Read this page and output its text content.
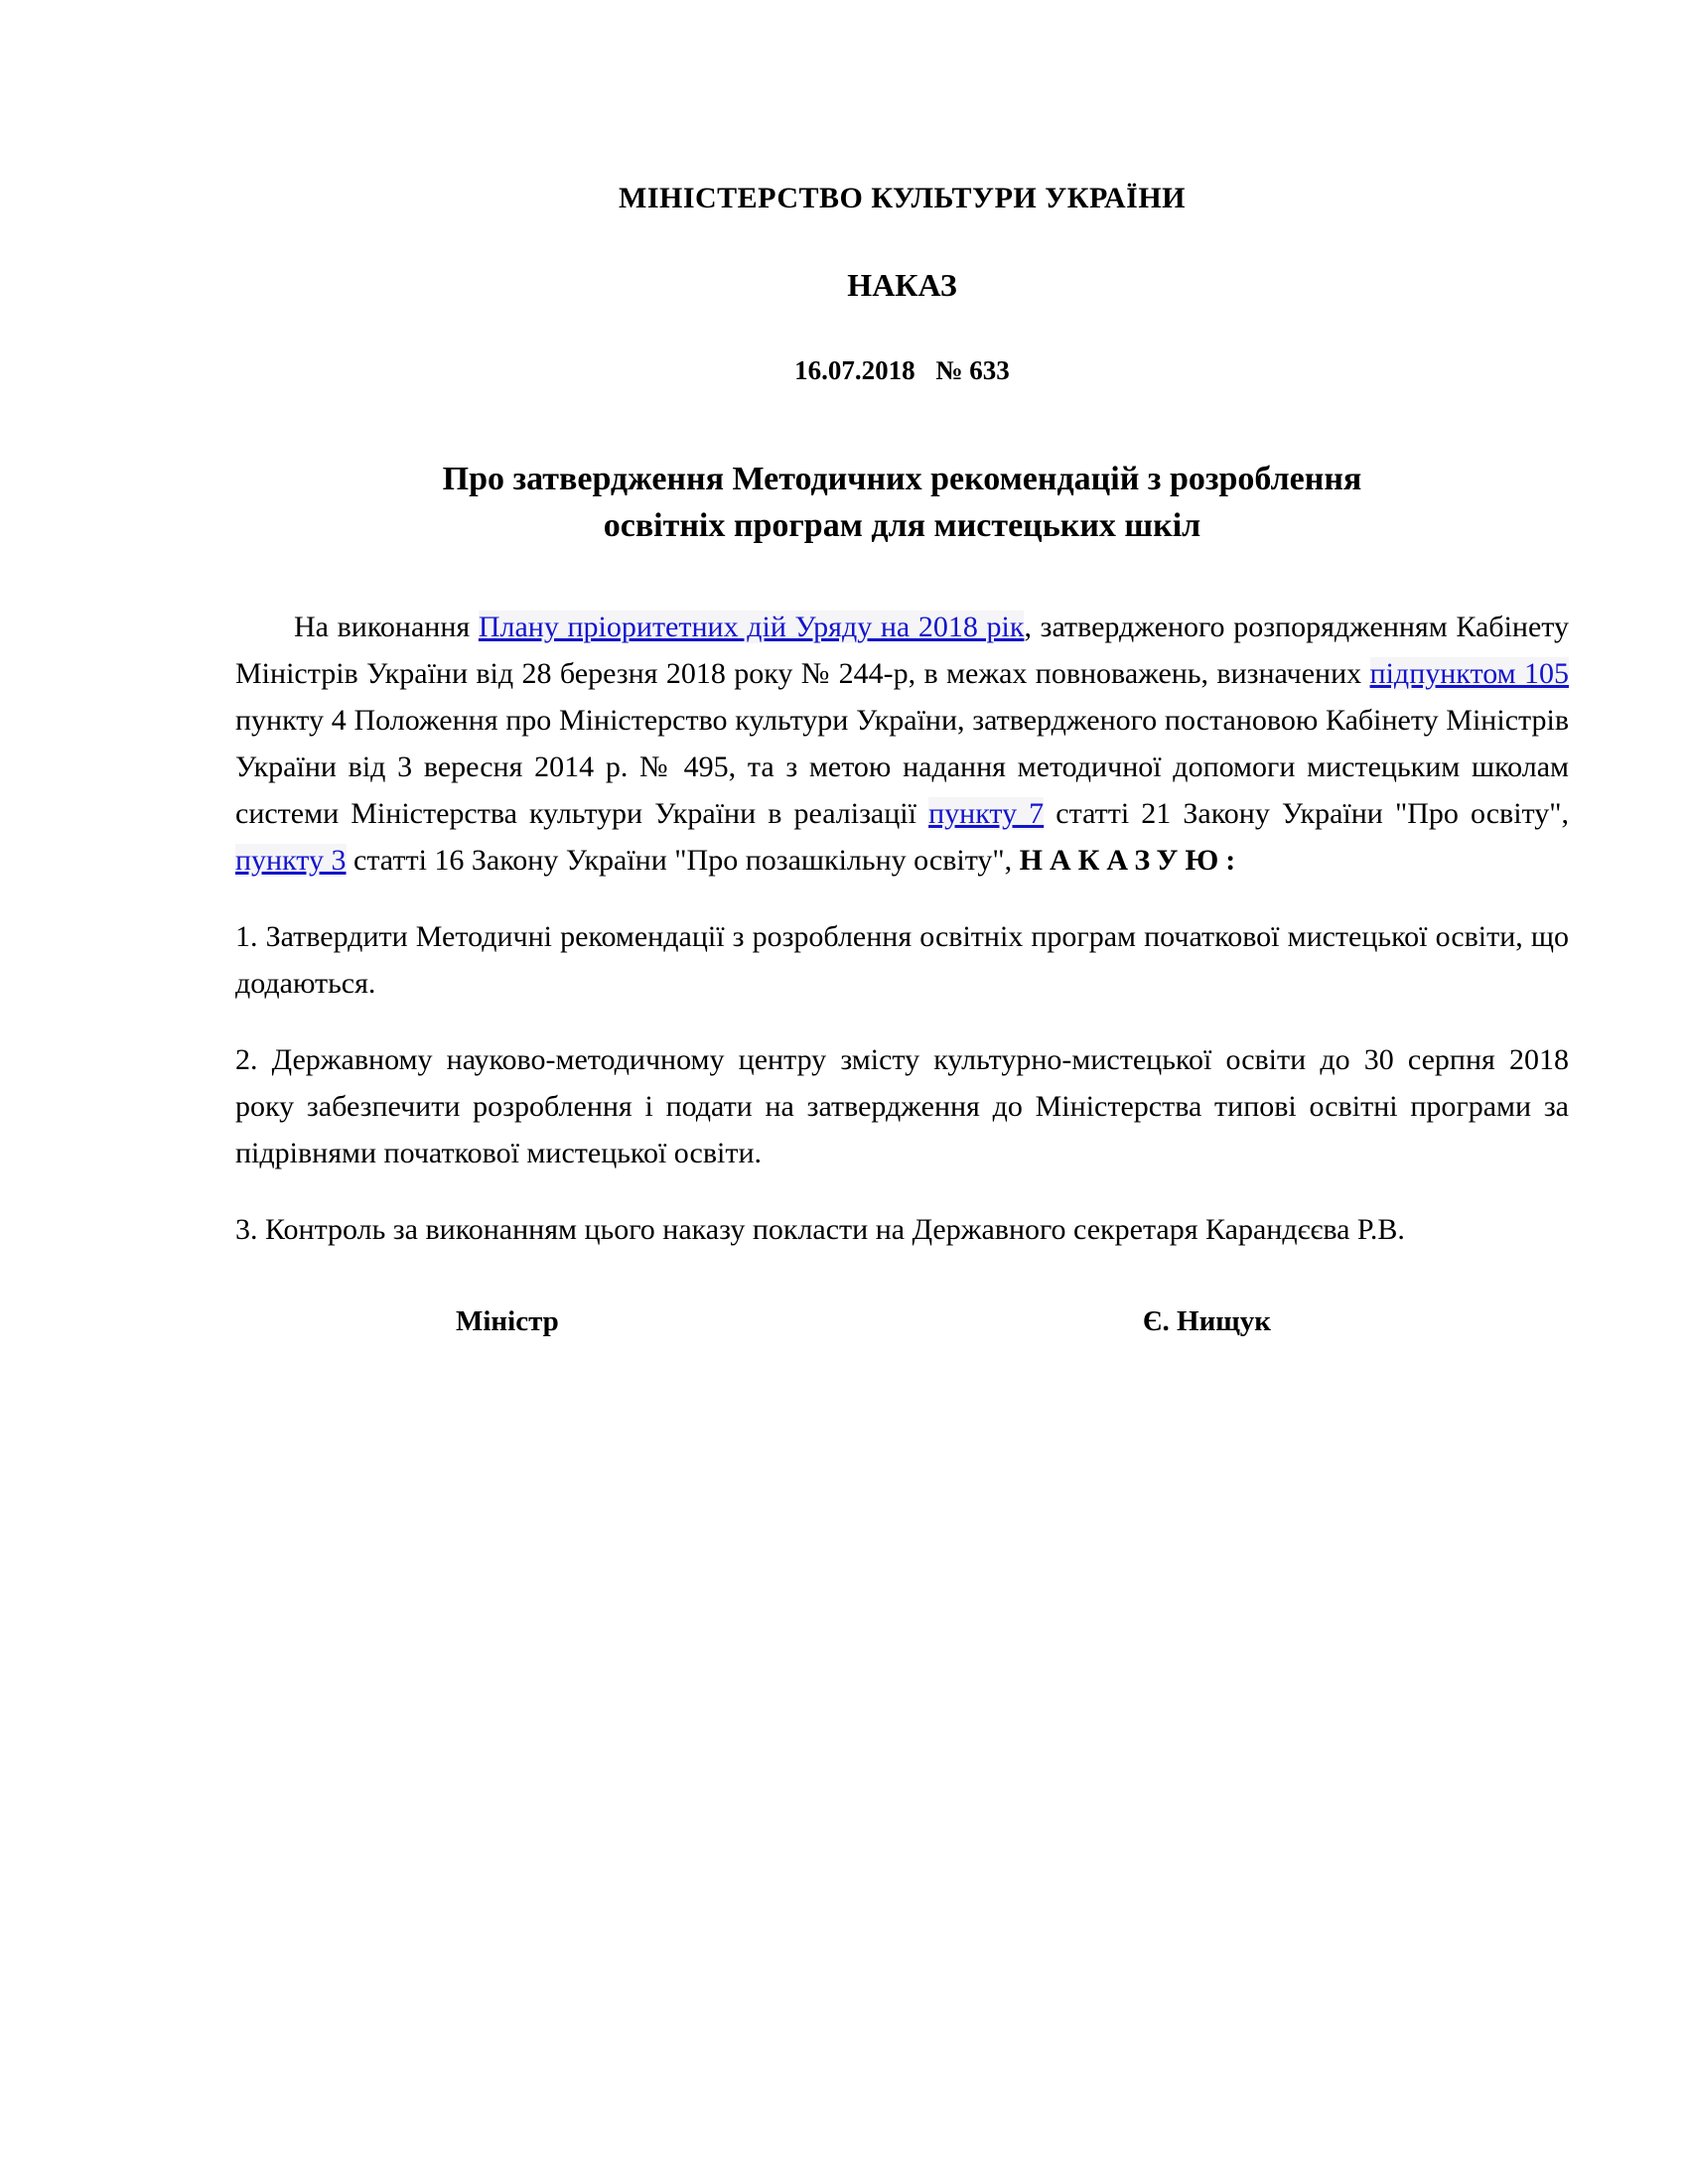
МІНІСТЕРСТВО КУЛЬТУРИ УКРАЇНИ
НАКАЗ
16.07.2018 № 633
Про затвердження Методичних рекомендацій з розроблення
освітніх програм для мистецьких шкіл

На виконання Плану пріоритетних дій Уряду на 2018 рік, затвердженого розпорядженням Кабінету Міністрів України від 28 березня 2018 року № 244-р, в межах повноважень, визначених підпунктом 105 пункту 4 Положення про Міністерство культури України, затвердженого постановою Кабінету Міністрів України від 3 вересня 2014 р. № 495, та з метою надання методичної допомоги мистецьким школам системи Міністерства культури України в реалізації пункту 7 статті 21 Закону України "Про освіту", пункту 3 статті 16 Закону України "Про позашкільну освіту", НАКАЗУЮ:

1. Затвердити Методичні рекомендації з розроблення освітніх програм початкової мистецької освіти, що додаються.

2. Державному науково-методичному центру змісту культурно-мистецької освіти до 30 серпня 2018 року забезпечити розроблення і подати на затвердження до Міністерства типові освітні програми за підрівнями початкової мистецької освіти.

3. Контроль за виконанням цього наказу покласти на Державного секретаря Карандєєва Р.В.

Міністр	Є. Нищук
